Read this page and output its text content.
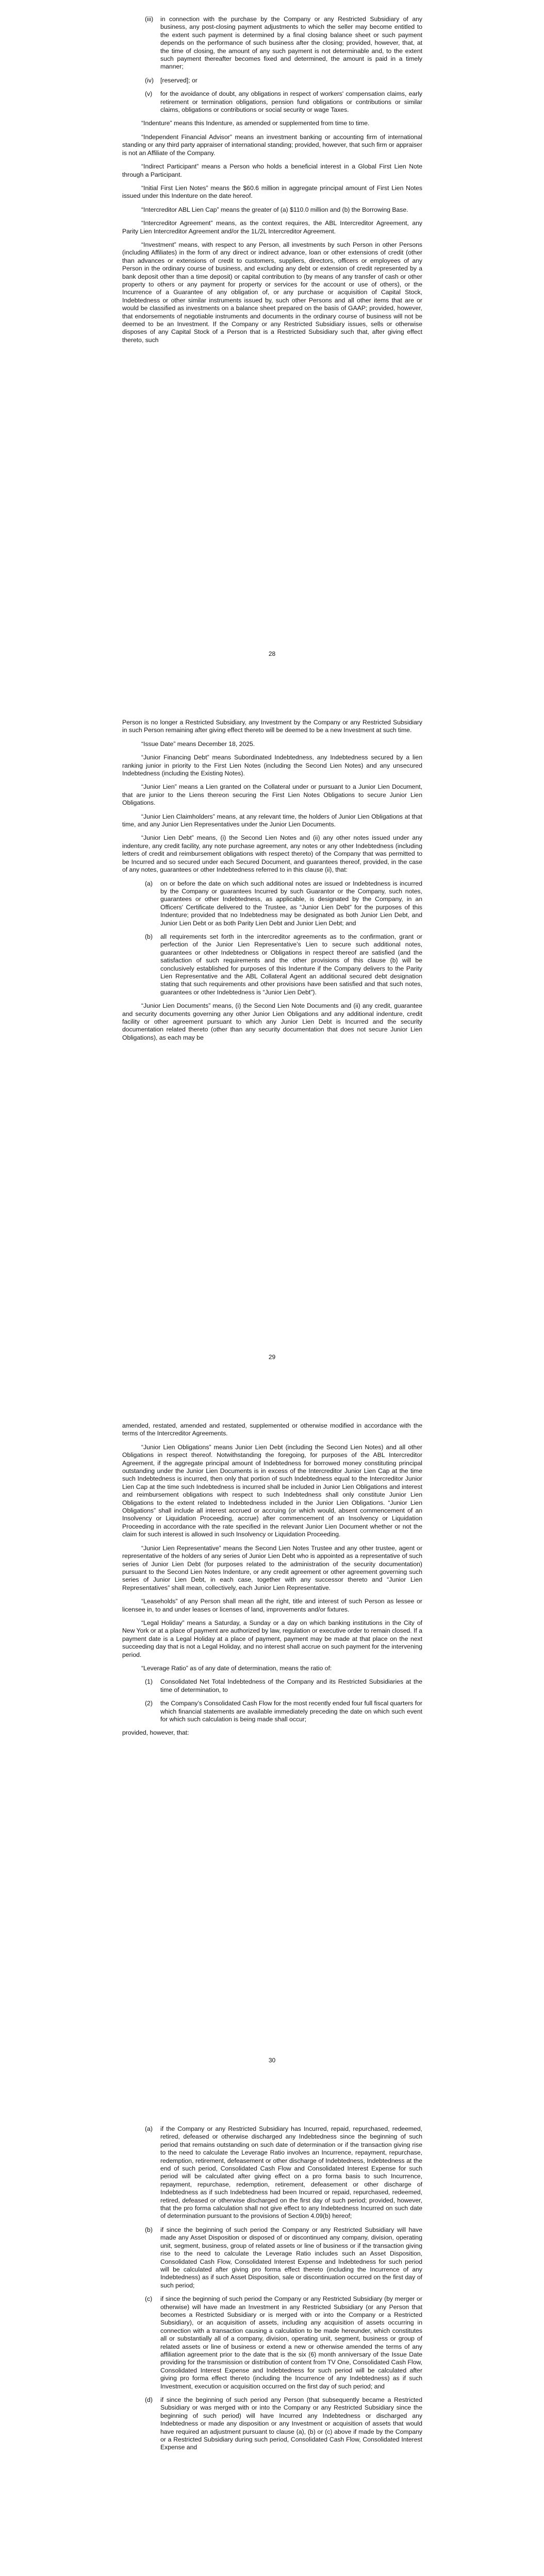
(iii) in connection with the purchase by the Company or any Restricted Subsidiary of any business, any post-closing payment adjustments to which the seller may become entitled to the extent such payment is determined by a final closing balance sheet or such payment depends on the performance of such business after the closing; provided, however, that, at the time of closing, the amount of any such payment is not determinable and, to the extent such payment thereafter becomes fixed and determined, the amount is paid in a timely manner;

(iv) [reserved]; or

(v) for the avoidance of doubt, any obligations in respect of workers' compensation claims, early retirement or termination obligations, pension fund obligations or contributions or similar claims, obligations or contributions or social security or wage Taxes.

“Indenture” means this Indenture, as amended or supplemented from time to time.

“Independent Financial Advisor” means an investment banking or accounting firm of international standing or any third party appraiser of international standing; provided, however, that such firm or appraiser is not an Affiliate of the Company.

“Indirect Participant” means a Person who holds a beneficial interest in a Global First Lien Note through a Participant.

“Initial First Lien Notes” means the $60.6 million in aggregate principal amount of First Lien Notes issued under this Indenture on the date hereof.

“Intercreditor ABL Lien Cap” means the greater of (a) $110.0 million and (b) the Borrowing Base.

“Intercreditor Agreement” means, as the context requires, the ABL Intercreditor Agreement, any Parity Lien Intercreditor Agreement and/or the 1L/2L Intercreditor Agreement.

“Investment” means, with respect to any Person, all investments by such Person in other Persons (including Affiliates) in the form of any direct or indirect advance, loan or other extensions of credit (other than advances or extensions of credit to customers, suppliers, directors, officers or employees of any Person in the ordinary course of business, and excluding any debt or extension of credit represented by a bank deposit other than a time deposit) or capital contribution to (by means of any transfer of cash or other property to others or any payment for property or services for the account or use of others), or the Incurrence of a Guarantee of any obligation of, or any purchase or acquisition of Capital Stock, Indebtedness or other similar instruments issued by, such other Persons and all other items that are or would be classified as investments on a balance sheet prepared on the basis of GAAP; provided, however, that endorsements of negotiable instruments and documents in the ordinary course of business will not be deemed to be an Investment. If the Company or any Restricted Subsidiary issues, sells or otherwise disposes of any Capital Stock of a Person that is a Restricted Subsidiary such that, after giving effect thereto, such

28

Person is no longer a Restricted Subsidiary, any Investment by the Company or any Restricted Subsidiary in such Person remaining after giving effect thereto will be deemed to be a new Investment at such time.

“Issue Date” means December 18, 2025.

“Junior Financing Debt” means Subordinated Indebtedness, any Indebtedness secured by a lien ranking junior in priority to the First Lien Notes (including the Second Lien Notes) and any unsecured Indebtedness (including the Existing Notes).

“Junior Lien” means a Lien granted on the Collateral under or pursuant to a Junior Lien Document, that are junior to the Liens thereon securing the First Lien Notes Obligations to secure Junior Lien Obligations.

“Junior Lien Claimholders” means, at any relevant time, the holders of Junior Lien Obligations at that time, and any Junior Lien Representatives under the Junior Lien Documents.

“Junior Lien Debt” means, (i) the Second Lien Notes and (ii) any other notes issued under any indenture, any credit facility, any note purchase agreement, any notes or any other Indebtedness (including letters of credit and reimbursement obligations with respect thereto) of the Company that was permitted to be Incurred and so secured under each Secured Document, and guarantees thereof, provided, in the case of any notes, guarantees or other Indebtedness referred to in this clause (ii), that:

(a) on or before the date on which such additional notes are issued or Indebtedness is incurred by the Company or guarantees Incurred by such Guarantor or the Company, such notes, guarantees or other Indebtedness, as applicable, is designated by the Company, in an Officers' Certificate delivered to the Trustee, as “Junior Lien Debt” for the purposes of this Indenture; provided that no Indebtedness may be designated as both Junior Lien Debt, and Junior Lien Debt or as both Parity Lien Debt and Junior Lien Debt; and

(b) all requirements set forth in the intercreditor agreements as to the confirmation, grant or perfection of the Junior Lien Representative’s Lien to secure such additional notes, guarantees or other Indebtedness or Obligations in respect thereof are satisfied (and the satisfaction of such requirements and the other provisions of this clause (b) will be conclusively established for purposes of this Indenture if the Company delivers to the Parity Lien Representative and the ABL Collateral Agent an additional secured debt designation stating that such requirements and other provisions have been satisfied and that such notes, guarantees or other Indebtedness is “Junior Lien Debt”).

“Junior Lien Documents” means, (i) the Second Lien Note Documents and (ii) any credit, guarantee and security documents governing any other Junior Lien Obligations and any additional indenture, credit facility or other agreement pursuant to which any Junior Lien Debt is Incurred and the security documentation related thereto (other than any security documentation that does not secure Junior Lien Obligations), as each may be

29

amended, restated, amended and restated, supplemented or otherwise modified in accordance with the terms of the Intercreditor Agreements.

“Junior Lien Obligations” means Junior Lien Debt (including the Second Lien Notes) and all other Obligations in respect thereof. Notwithstanding the foregoing, for purposes of the ABL Intercreditor Agreement, if the aggregate principal amount of Indebtedness for borrowed money constituting principal outstanding under the Junior Lien Documents is in excess of the Intercreditor Junior Lien Cap at the time such Indebtedness is incurred, then only that portion of such Indebtedness equal to the Intercreditor Junior Lien Cap at the time such Indebtedness is incurred shall be included in Junior Lien Obligations and interest and reimbursement obligations with respect to such Indebtedness shall only constitute Junior Lien Obligations to the extent related to Indebtedness included in the Junior Lien Obligations. “Junior Lien Obligations” shall include all interest accrued or accruing (or which would, absent commencement of an Insolvency or Liquidation Proceeding, accrue) after commencement of an Insolvency or Liquidation Proceeding in accordance with the rate specified in the relevant Junior Lien Document whether or not the claim for such interest is allowed in such Insolvency or Liquidation Proceeding.

“Junior Lien Representative” means the Second Lien Notes Trustee and any other trustee, agent or representative of the holders of any series of Junior Lien Debt who is appointed as a representative of such series of Junior Lien Debt (for purposes related to the administration of the security documentation) pursuant to the Second Lien Notes Indenture, or any credit agreement or other agreement governing such series of Junior Lien Debt, in each case, together with any successor thereto and “Junior Lien Representatives” shall mean, collectively, each Junior Lien Representative.

“Leaseholds” of any Person shall mean all the right, title and interest of such Person as lessee or licensee in, to and under leases or licenses of land, improvements and/or fixtures.

“Legal Holiday” means a Saturday, a Sunday or a day on which banking institutions in the City of New York or at a place of payment are authorized by law, regulation or executive order to remain closed. If a payment date is a Legal Holiday at a place of payment, payment may be made at that place on the next succeeding day that is not a Legal Holiday, and no interest shall accrue on such payment for the intervening period.

“Leverage Ratio” as of any date of determination, means the ratio of:

(1) Consolidated Net Total Indebtedness of the Company and its Restricted Subsidiaries at the time of determination, to

(2) the Company’s Consolidated Cash Flow for the most recently ended four full fiscal quarters for which financial statements are available immediately preceding the date on which such event for which such calculation is being made shall occur;

provided, however, that:

30

(a) if the Company or any Restricted Subsidiary has Incurred, repaid, repurchased, redeemed, retired, defeased or otherwise discharged any Indebtedness since the beginning of such period that remains outstanding on such date of determination or if the transaction giving rise to the need to calculate the Leverage Ratio involves an Incurrence, repayment, repurchase, redemption, retirement, defeasement or other discharge of Indebtedness, Indebtedness at the end of such period, Consolidated Cash Flow and Consolidated Interest Expense for such period will be calculated after giving effect on a pro forma basis to such Incurrence, repayment, repurchase, redemption, retirement, defeasement or other discharge of Indebtedness as if such Indebtedness had been Incurred or repaid, repurchased, redeemed, retired, defeased or otherwise discharged on the first day of such period; provided, however, that the pro forma calculation shall not give effect to any Indebtedness Incurred on such date of determination pursuant to the provisions of Section 4.09(b) hereof;

(b) if since the beginning of such period the Company or any Restricted Subsidiary will have made any Asset Disposition or disposed of or discontinued any company, division, operating unit, segment, business, group of related assets or line of business or if the transaction giving rise to the need to calculate the Leverage Ratio includes such an Asset Disposition, Consolidated Cash Flow, Consolidated Interest Expense and Indebtedness for such period will be calculated after giving pro forma effect thereto (including the Incurrence of any Indebtedness) as if such Asset Disposition, sale or discontinuation occurred on the first day of such period;

(c) if since the beginning of such period the Company or any Restricted Subsidiary (by merger or otherwise) will have made an Investment in any Restricted Subsidiary (or any Person that becomes a Restricted Subsidiary or is merged with or into the Company or a Restricted Subsidiary), or an acquisition of assets, including any acquisition of assets occurring in connection with a transaction causing a calculation to be made hereunder, which constitutes all or substantially all of a company, division, operating unit, segment, business or group of related assets or line of business or extend a new or otherwise amended the terms of any affiliation agreement prior to the date that is the six (6) month anniversary of the Issue Date providing for the transmission or distribution of content from TV One, Consolidated Cash Flow, Consolidated Interest Expense and Indebtedness for such period will be calculated after giving pro forma effect thereto (including the Incurrence of any Indebtedness) as if such Investment, execution or acquisition occurred on the first day of such period; and

(d) if since the beginning of such period any Person (that subsequently became a Restricted Subsidiary or was merged with or into the Company or any Restricted Subsidiary since the beginning of such period) will have Incurred any Indebtedness or discharged any Indebtedness or made any disposition or any Investment or acquisition of assets that would have required an adjustment pursuant to clause (a), (b) or (c) above if made by the Company or a Restricted Subsidiary during such period, Consolidated Cash Flow, Consolidated Interest Expense and
